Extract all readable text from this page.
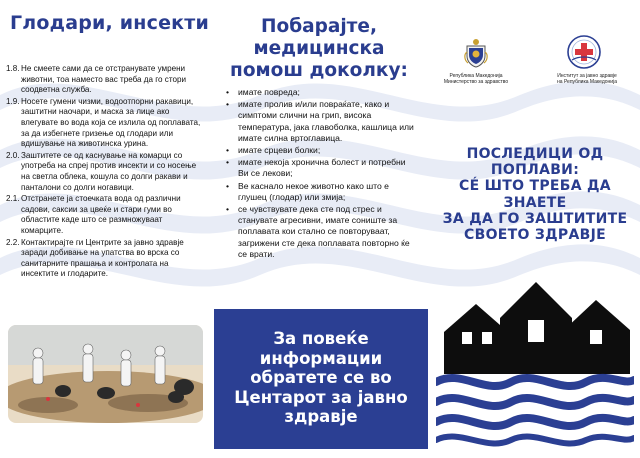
Глодари, инсекти
1.8. Не смеете сами да се отстранувате умрени животни, тоа наместо вас треба да го стори соодветна служба.
1.9. Носете гумени чизми, водоотпорни ракавици, заштитни наочари, и маска за лице ако влегувате во вода која се излила од поплавата, за да избегнете гризење од глодари или вдишување на животинска урина.
2.0. Заштитете се од каснување на комарци со употреба на спреј против инсекти и со носење на светла облека, кошула со долги ракави и панталони со долги ногавици.
2.1. Отстранете ја стоечката вода од различни садови, саксии за цвеќе и стари гуми во областите каде што се размножуваат комарците.
2.2. Контактирајте ги Центрите за јавно здравје заради добивање на упатства во врска со санитарните прашања и контролата на инсектите и глодарите.
Побарајте,
медицинска
помош доколку:
•	имате повреда;
•	имате пролив и/или повраќате, како и симптоми слични на грип, висока температура, јака главоболка, кашлица или имате силна вртоглавица.
•	имате срцеви болки;
•	имате некоја хронична болест и потребни Ви се лекови;
•	Ве каснало некое животно како што е глушец (глодар) или змија;
•	се чувствувате дека сте под стрес и станувате агресивни, имате сониште за поплавата кои стално се повторуваат, загрижени сте дека поплавата повторно ќе се врати.
За повеќе
информации
обратете се во
Центарот за јавно
здравје
Република Македонија
Министерство за здравство
Институт за јавно здравје
на Република Македонија
ПОСЛЕДИЦИ ОД
ПОПЛАВИ:
СÉ ШТО ТРЕБА ДА
ЗНАЕТЕ
ЗА ДА ГО ЗАШТИТИТЕ
СВОЕТО ЗДРАВЈЕ
